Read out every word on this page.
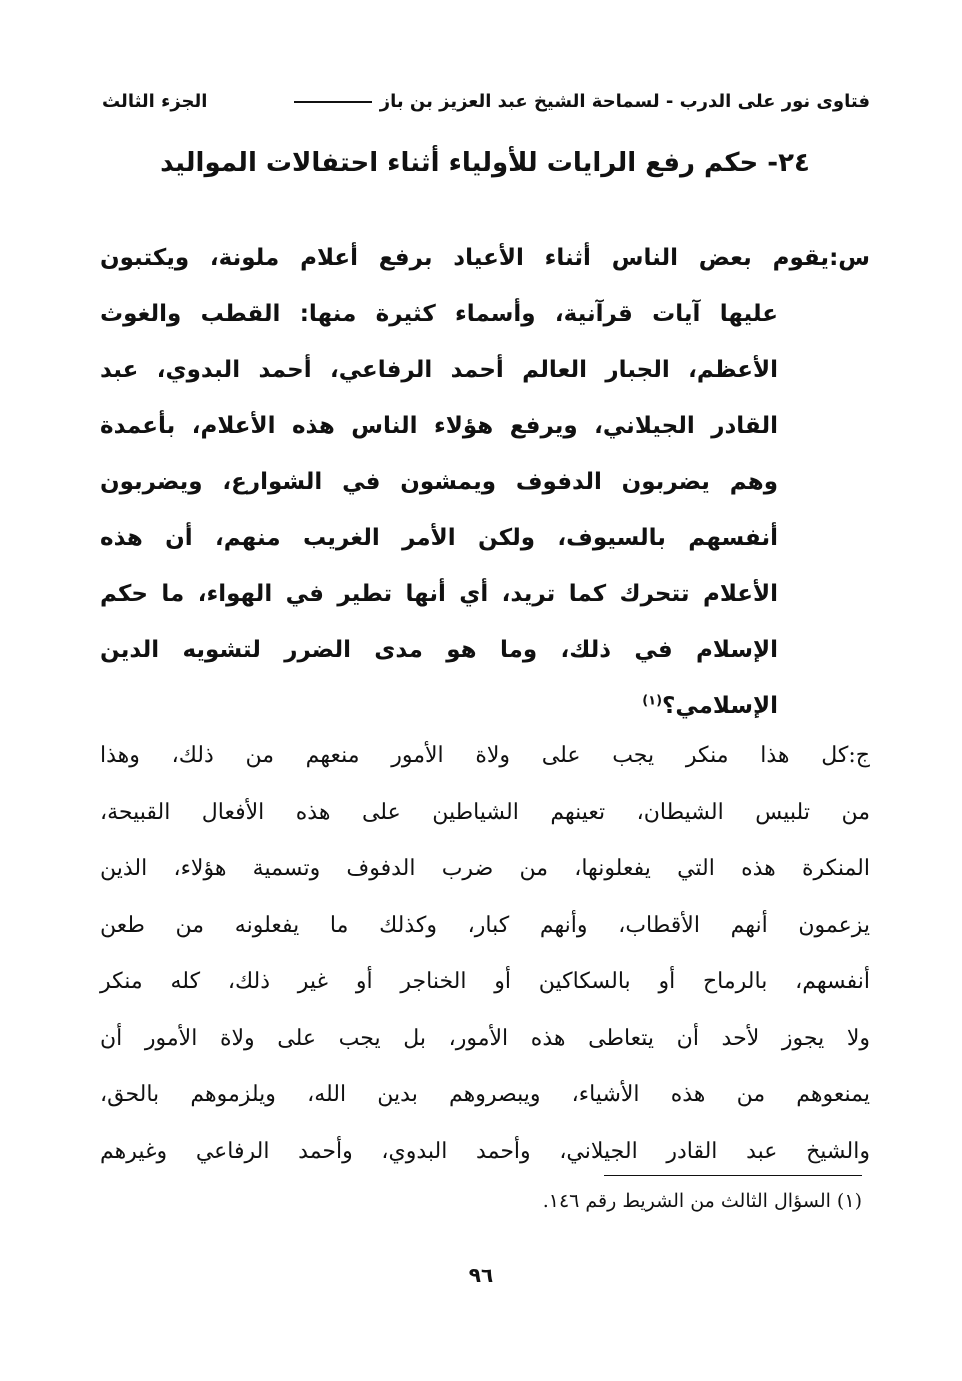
فتاوى نور على الدرب - لسماحة الشيخ عبد العزيز بن باز
الجزء الثالث
٢٤- حكم رفع الرايات للأولياء أثناء احتفالات المواليد
س:يقوم بعض الناس أثناء الأعياد برفع أعلام ملونة، ويكتبون
عليها آيات قرآنية، وأسماء كثيرة منها: القطب والغوث
الأعظم، الجبار العالم أحمد الرفاعي، أحمد البدوي، عبد
القادر الجيلاني، ويرفع هؤلاء الناس هذه الأعلام، بأعمدة
وهم يضربون الدفوف ويمشون في الشوارع، ويضربون
أنفسهم بالسيوف، ولكن الأمر الغريب منهم، أن هذه
الأعلام تتحرك كما تريد، أي أنها تطير في الهواء، ما حكم
الإسلام في ذلك، وما هو مدى الضرر لتشويه الدين
الإسلامي؟$^{(١)}$
ج:كل هذا منكر يجب على ولاة الأمور منعهم من ذلك، وهذا
من تلبيس الشيطان، تعينهم الشياطين على هذه الأفعال القبيحة،
المنكرة هذه التي يفعلونها، من ضرب الدفوف وتسمية هؤلاء، الذين
يزعمون أنهم الأقطاب، وأنهم كبار، وكذلك ما يفعلونه من طعن
أنفسهم، بالرماح أو بالسكاكين أو الخناجر أو غير ذلك، كله منكر
ولا يجوز لأحد أن يتعاطى هذه الأمور، بل يجب على ولاة الأمور أن
يمنعوهم من هذه الأشياء، ويبصروهم بدين الله، ويلزموهم بالحق،
والشيخ عبد القادر الجيلاني، وأحمد البدوي، وأحمد الرفاعي وغيرهم
(١) السؤال الثالث من الشريط رقم ١٤٦.
٩٦
